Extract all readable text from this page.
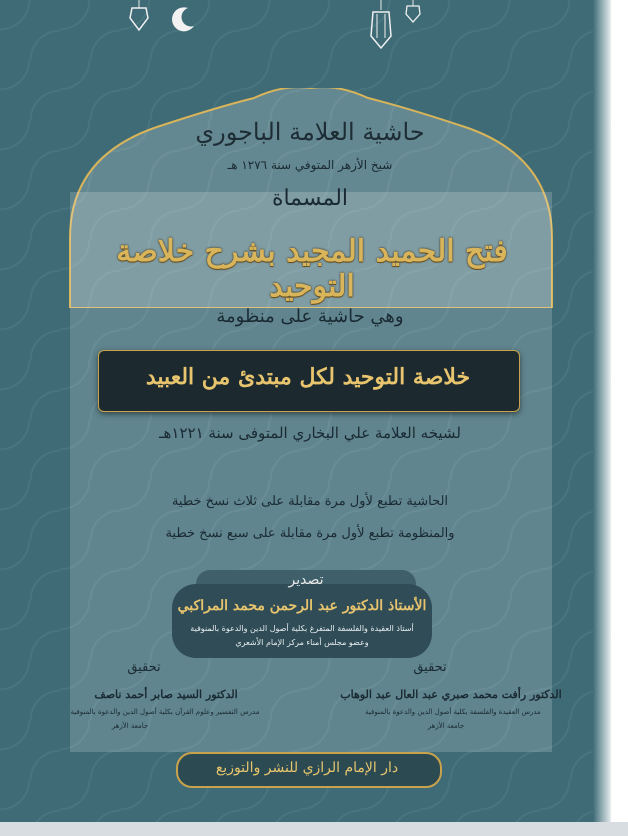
حاشية العلامة الباجوري
شيخ الأزهر المتوفي سنة ١٢٧٦ هـ
المسماة
فتح الحميد المجيد بشرح خلاصة التوحيد
وهي حاشية على منظومة
خلاصة التوحيد لكل مبتدئ من العبيد
لشيخه العلامة علي البخاري المتوفى سنة ١٢٢١هـ
الحاشية تطبع لأول مرة مقابلة على ثلاث نسخ خطية
والمنظومة تطبع لأول مرة مقابلة على سبع نسخ خطية
تصدير
الأستاذ الدكتور عبد الرحمن محمد المراكبي
أستاذ العقيدة والفلسفة المتفرغ بكلية أصول الدين والدعوة بالمنوفية
وعضو مجلس أمناء مركز الإمام الأشعري
تحقيق
الدكتور رأفت محمد صبري عبد العال عبد الوهاب
مدرس العقيدة والفلسفة بكلية أصول الدين والدعوة بالمنوفية
جامعة الأزهر
تحقيق
الدكتور السيد صابر أحمد ناصف
مدرس التفسير وعلوم القرآن بكلية أصول الدين والدعوة بالمنوفية
جامعة الأزهر
دار الإمام الرازي للنشر والتوزيع
